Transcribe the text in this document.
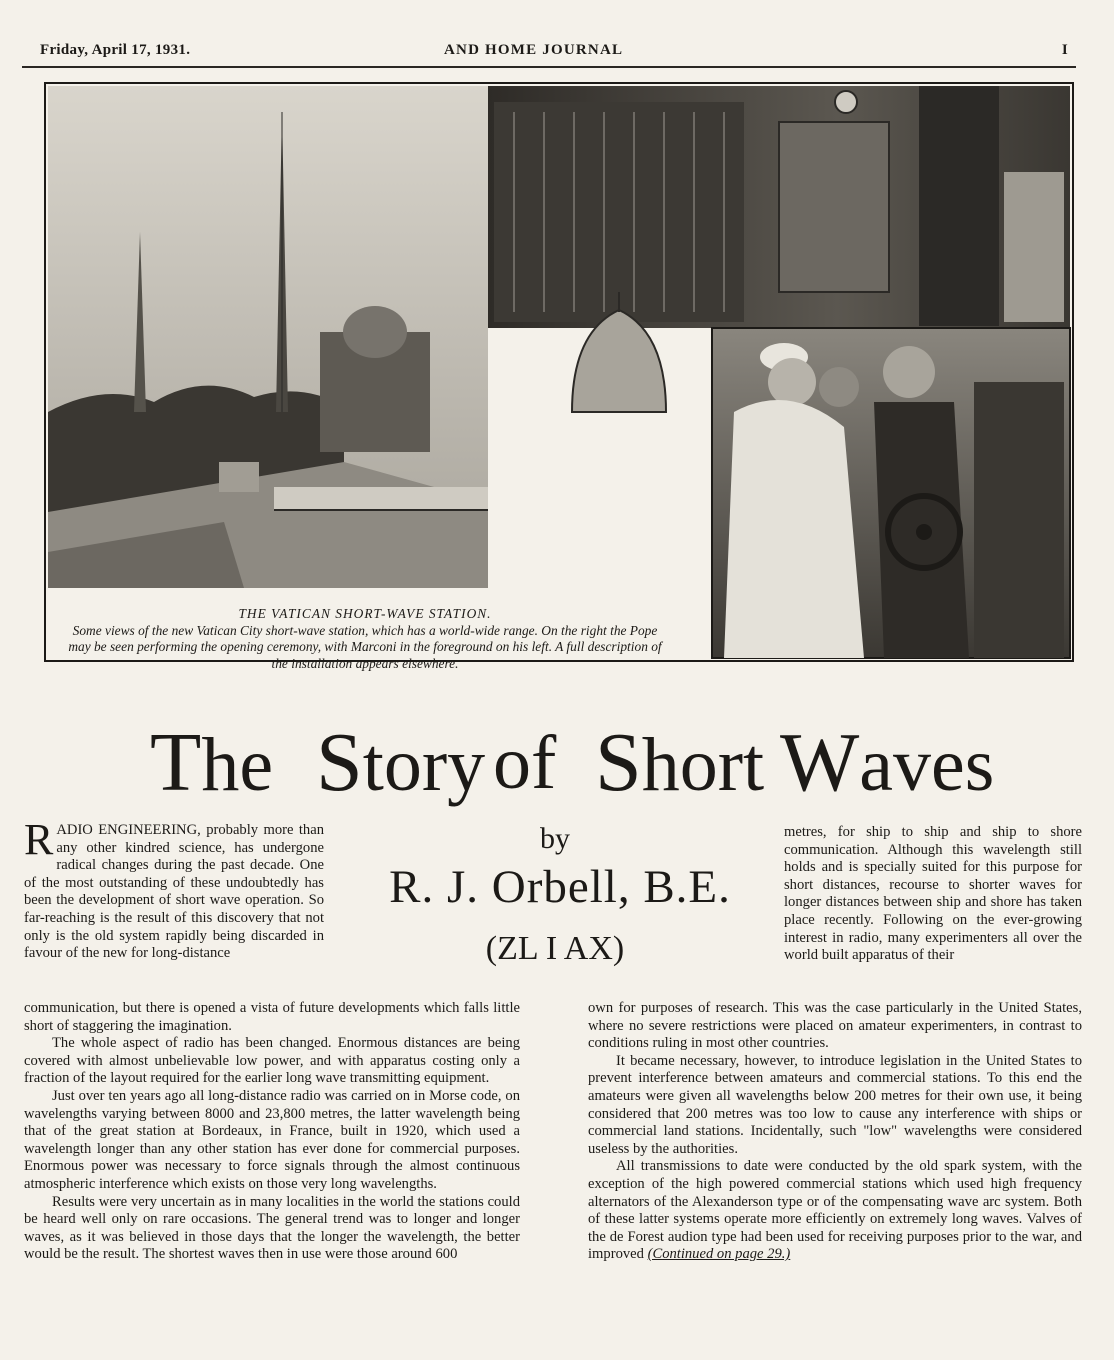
Friday, April 17, 1931.	AND HOME JOURNAL	I
THE VATICAN SHORT-WAVE STATION.
Some views of the new Vatican City short-wave station, which has a world-wide range. On the right the Pope may be seen performing the opening ceremony, with Marconi in the foreground on his left. A full description of the installation appears elsewhere.
The Story of Short Waves
by
R. J. Orbell, B.E.
(ZL I AX)

RADIO ENGINEERING, probably more than any other kindred science, has undergone radical changes during the past decade. One of the most outstanding of these undoubtedly has been the development of short wave operation. So far-reaching is the result of this discovery that not only is the old system rapidly being discarded in favour of the new for long-distance

communication, but there is opened a vista of future developments which falls little short of staggering the imagination.

The whole aspect of radio has been changed. Enormous distances are being covered with almost unbelievable low power, and with apparatus costing only a fraction of the layout required for the earlier long wave transmitting equipment.

Just over ten years ago all long-distance radio was carried on in Morse code, on wavelengths varying between 8000 and 23,800 metres, the latter wavelength being that of the great station at Bordeaux, in France, built in 1920, which used a wavelength longer than any other station has ever done for commercial purposes. Enormous power was necessary to force signals through the almost continuous atmospheric interference which exists on those very long wavelengths.

Results were very uncertain as in many localities in the world the stations could be heard well only on rare occasions. The general trend was to longer and longer waves, as it was believed in those days that the longer the wavelength, the better would be the result. The shortest waves then in use were those around 600

metres, for ship to ship and ship to shore communication. Although this wavelength still holds and is specially suited for this purpose for short distances, recourse to shorter waves for longer distances between ship and shore has taken place recently. Following on the ever-growing interest in radio, many experimenters all over the world built apparatus of their

own for purposes of research. This was the case particularly in the United States, where no severe restrictions were placed on amateur experimenters, in contrast to conditions ruling in most other countries.

It became necessary, however, to introduce legislation in the United States to prevent interference between amateurs and commercial stations. To this end the amateurs were given all wavelengths below 200 metres for their own use, it being considered that 200 metres was too low to cause any interference with ships or commercial land stations. Incidentally, such "low" wavelengths were considered useless by the authorities.

All transmissions to date were conducted by the old spark system, with the exception of the high powered commercial stations which used high frequency alternators of the Alexanderson type or of the compensating wave arc system. Both of these latter systems operate more efficiently on extremely long waves. Valves of the de Forest audion type had been used for receiving purposes prior to the war, and improved (Continued on page 29.)
